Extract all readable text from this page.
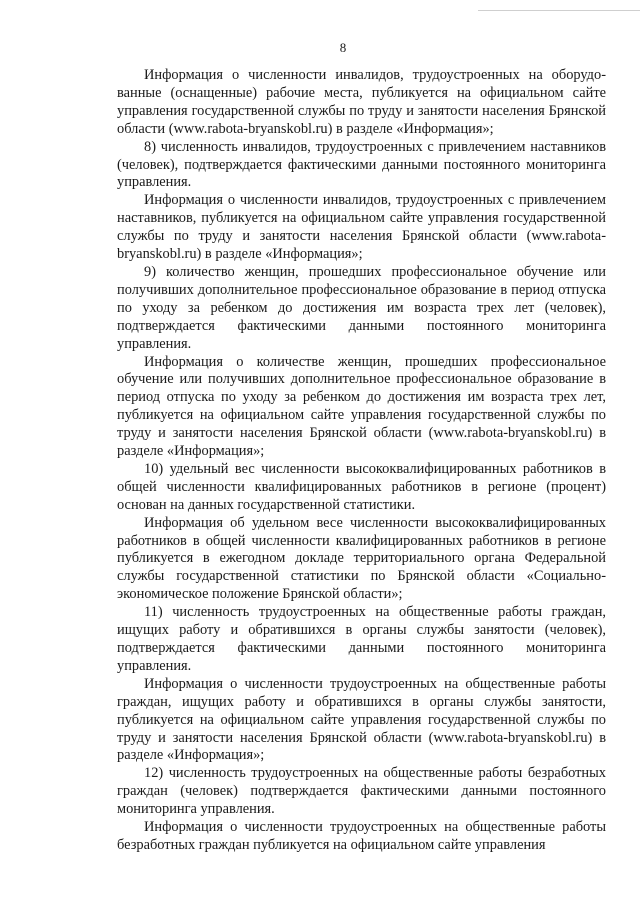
8

Информация о численности инвалидов, трудоустроенных на оборудованные (оснащенные) рабочие места, публикуется на официальном сайте управления государственной службы по труду и занятости населения Брянской области (www.rabota-bryanskobl.ru) в разделе «Информация»;

8) численность инвалидов, трудоустроенных с привлечением наставников (человек), подтверждается фактическими данными постоянного мониторинга управления.

Информация о численности инвалидов, трудоустроенных с привлечением наставников, публикуется на официальном сайте управления государственной службы по труду и занятости населения Брянской области (www.rabota-bryanskobl.ru) в разделе «Информация»;

9) количество женщин, прошедших профессиональное обучение или получивших дополнительное профессиональное образование в период отпуска по уходу за ребенком до достижения им возраста трех лет (человек), подтверждается фактическими данными постоянного мониторинга управления.

Информация о количестве женщин, прошедших профессиональное обучение или получивших дополнительное профессиональное образование в период отпуска по уходу за ребенком до достижения им возраста трех лет, публикуется на официальном сайте управления государственной службы по труду и занятости населения Брянской области (www.rabota-bryanskobl.ru) в разделе «Информация»;

10) удельный вес численности высококвалифицированных работников в общей численности квалифицированных работников в регионе (процент) основан на данных государственной статистики.

Информация об удельном весе численности высококвалифицированных работников в общей численности квалифицированных работников в регионе публикуется в ежегодном докладе территориального органа Федеральной службы государственной статистики по Брянской области «Социально-экономическое положение Брянской области»;

11) численность трудоустроенных на общественные работы граждан, ищущих работу и обратившихся в органы службы занятости (человек), подтверждается фактическими данными постоянного мониторинга управления.

Информация о численности трудоустроенных на общественные работы граждан, ищущих работу и обратившихся в органы службы занятости, публикуется на официальном сайте управления государственной службы по труду и занятости населения Брянской области (www.rabota-bryanskobl.ru) в разделе «Информация»;

12) численность трудоустроенных на общественные работы безработных граждан (человек) подтверждается фактическими данными постоянного мониторинга управления.

Информация о численности трудоустроенных на общественные работы безработных граждан публикуется на официальном сайте управления
